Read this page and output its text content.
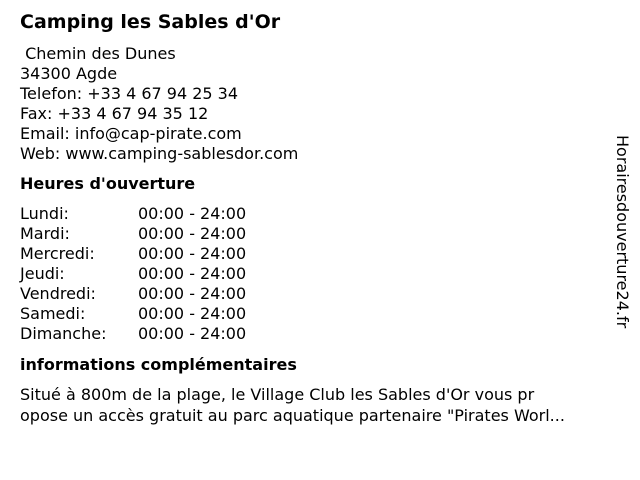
Camping les Sables d'Or
Chemin des Dunes
34300 Agde
Telefon: +33 4 67 94 25 34
Fax: +33 4 67 94 35 12
Email: info@cap-pirate.com
Web: www.camping-sablesdor.com
Heures d'ouverture
Lundi:	00:00 - 24:00
Mardi:	00:00 - 24:00
Mercredi:	00:00 - 24:00
Jeudi:	00:00 - 24:00
Vendredi:	00:00 - 24:00
Samedi:	00:00 - 24:00
Dimanche:	00:00 - 24:00
informations complémentaires
Situé à 800m de la plage, le Village Club les Sables d'Or vous pr
opose un accès gratuit au parc aquatique partenaire "Pirates Worl...
Horairesdouverture24.fr
